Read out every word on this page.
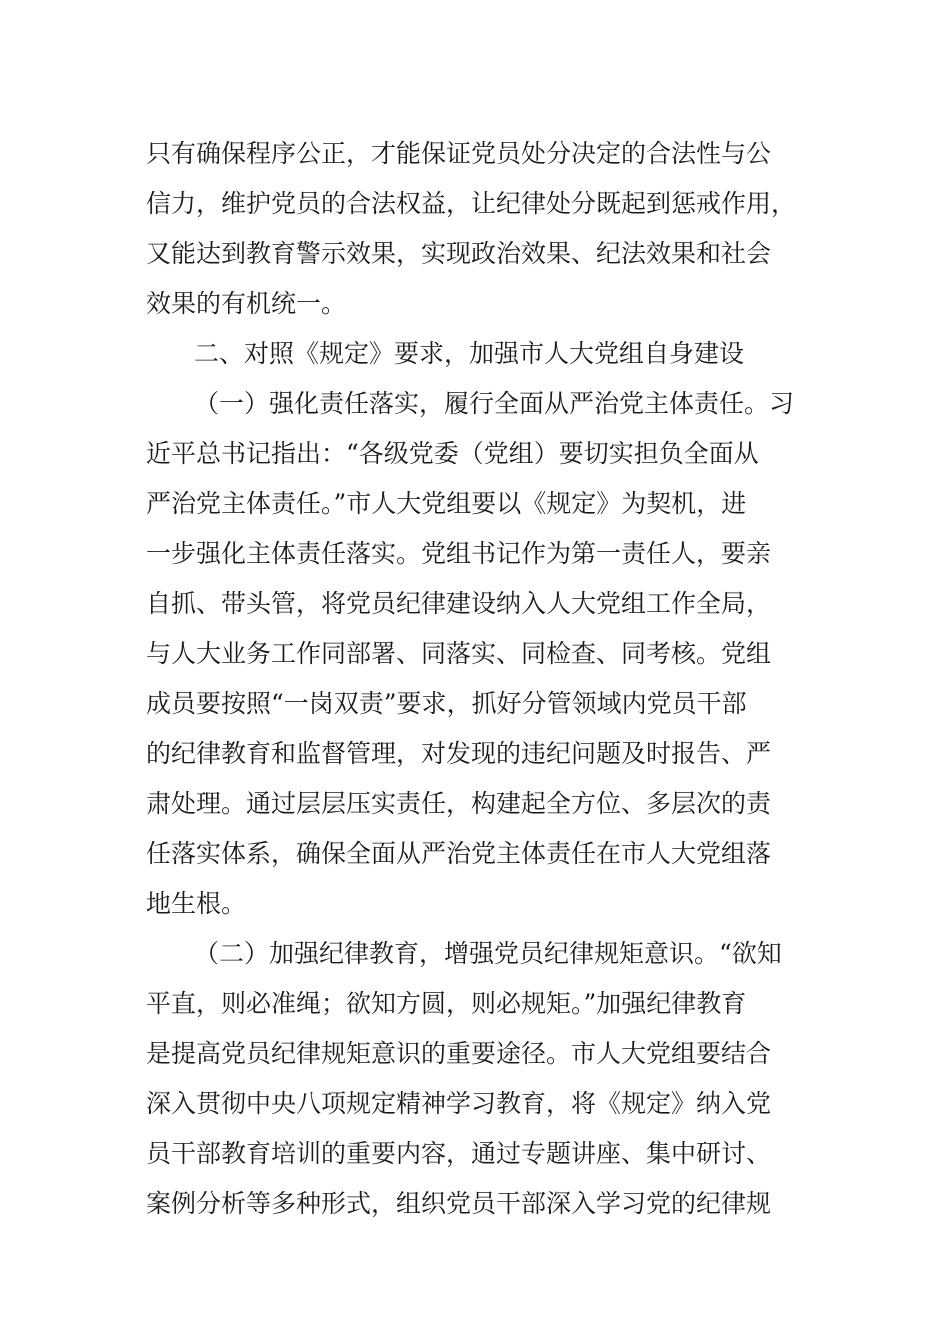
只有确保程序公正，才能保证党员处分决定的合法性与公
信力，维护党员的合法权益，让纪律处分既起到惩戒作用，
又能达到教育警示效果，实现政治效果、纪法效果和社会
效果的有机统一。
二、对照《规定》要求，加强市人大党组自身建设
（一）强化责任落实，履行全面从严治党主体责任。习
近平总书记指出：“各级党委（党组）要切实担负全面从
严治党主体责任。”市人大党组要以《规定》为契机，进
一步强化主体责任落实。党组书记作为第一责任人，要亲
自抓、带头管，将党员纪律建设纳入人大党组工作全局，
与人大业务工作同部署、同落实、同检查、同考核。党组
成员要按照“一岗双责”要求，抓好分管领域内党员干部
的纪律教育和监督管理，对发现的违纪问题及时报告、严
肃处理。通过层层压实责任，构建起全方位、多层次的责
任落实体系，确保全面从严治党主体责任在市人大党组落
地生根。
（二）加强纪律教育，增强党员纪律规矩意识。“欲知
平直，则必准绳；欲知方圆，则必规矩。”加强纪律教育
是提高党员纪律规矩意识的重要途径。市人大党组要结合
深入贯彻中央八项规定精神学习教育，将《规定》纳入党
员干部教育培训的重要内容，通过专题讲座、集中研讨、
案例分析等多种形式，组织党员干部深入学习党的纪律规
